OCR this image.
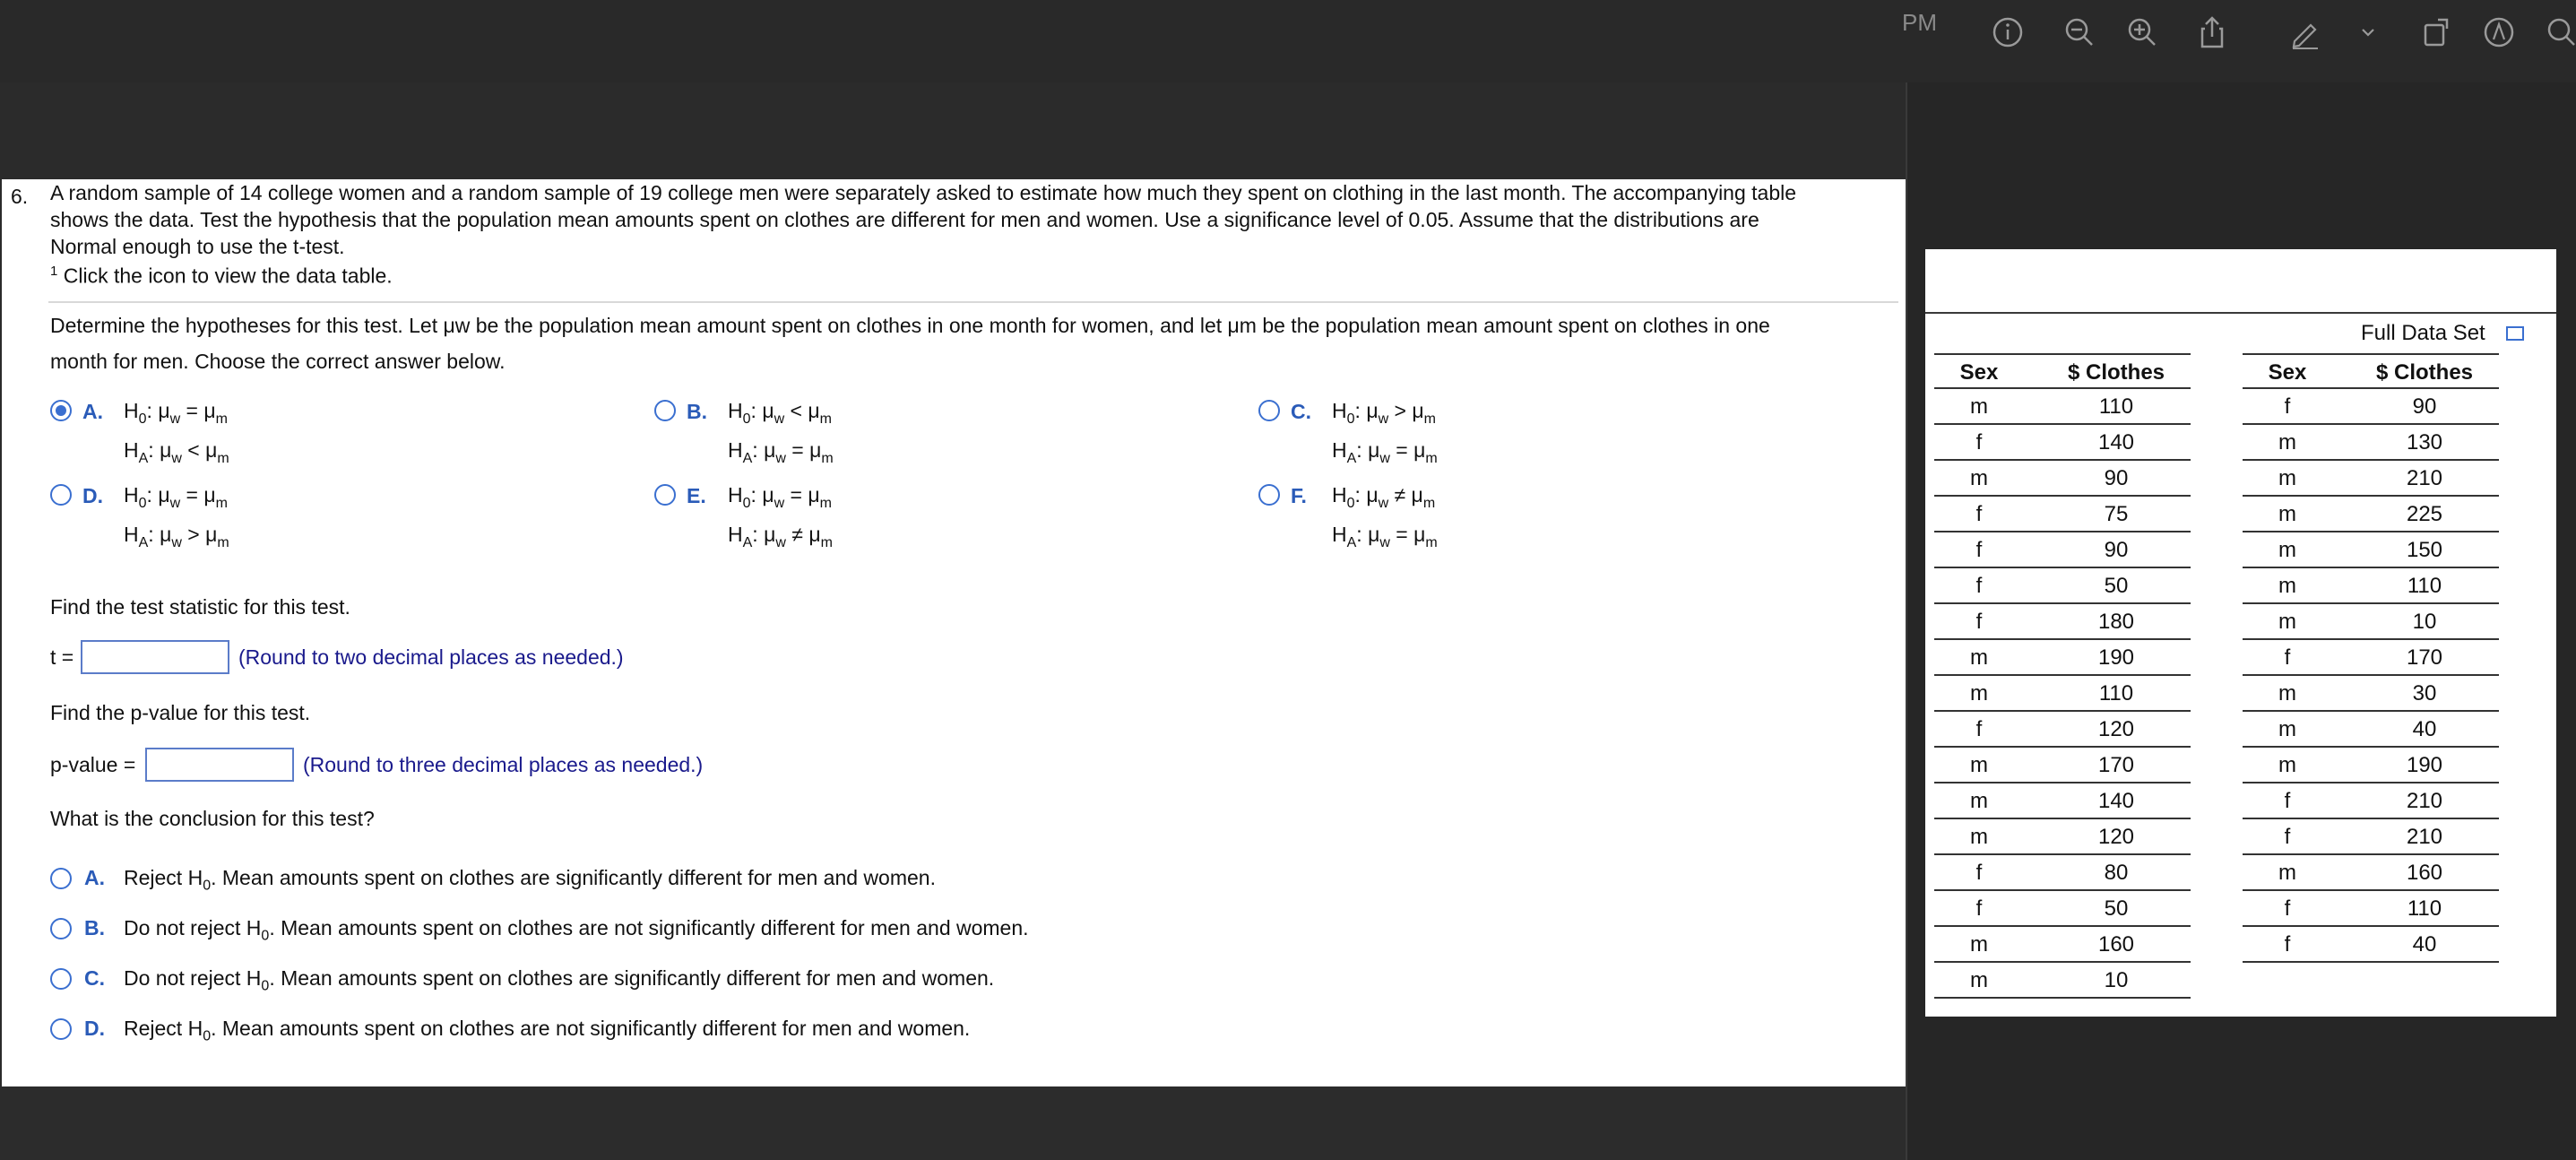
PM
6. A random sample of 14 college women and a random sample of 19 college men were separately asked to estimate how much they spent on clothing in the last month. The accompanying table
shows the data. Test the hypothesis that the population mean amounts spent on clothes are different for men and women. Use a significance level of 0.05. Assume that the distributions are
Normal enough to use the t-test.
$^1$ Click the icon to view the data table.
Determine the hypotheses for this test. Let μw be the population mean amount spent on clothes in one month for women, and let μm be the population mean amount spent on clothes in one
month for men. Choose the correct answer below.
A. $H_0$: $\mu_w = \mu_m$
$H_A$: $\mu_w < \mu_m$
B. $H_0$: $\mu_w < \mu_m$
$H_A$: $\mu_w = \mu_m$
C. $H_0$: $\mu_w > \mu_m$
$H_A$: $\mu_w = \mu_m$
D. $H_0$: $\mu_w = \mu_m$
$H_A$: $\mu_w > \mu_m$
E. $H_0$: $\mu_w = \mu_m$
$H_A$: $\mu_w \ne \mu_m$
F. $H_0$: $\mu_w \ne \mu_m$
$H_A$: $\mu_w = \mu_m$
Find the test statistic for this test.
t =	(Round to two decimal places as needed.)
Find the p-value for this test.
p-value =	(Round to three decimal places as needed.)
What is the conclusion for this test?
A. Reject $H_0$. Mean amounts spent on clothes are significantly different for men and women.
B. Do not reject $H_0$. Mean amounts spent on clothes are not significantly different for men and women.
C. Do not reject $H_0$. Mean amounts spent on clothes are significantly different for men and women.
D. Reject $H_0$. Mean amounts spent on clothes are not significantly different for men and women.
Full Data Set
Sex	$ Clothes
m	110
f	140
m	90
f	75
f	90
f	50
f	180
m	190
m	110
f	120
m	170
m	140
m	120
f	80
f	50
m	160
m	10
Sex	$ Clothes
f	90
m	130
m	210
m	225
m	150
m	110
m	10
f	170
m	30
m	40
m	190
f	210
f	210
m	160
f	110
f	40
